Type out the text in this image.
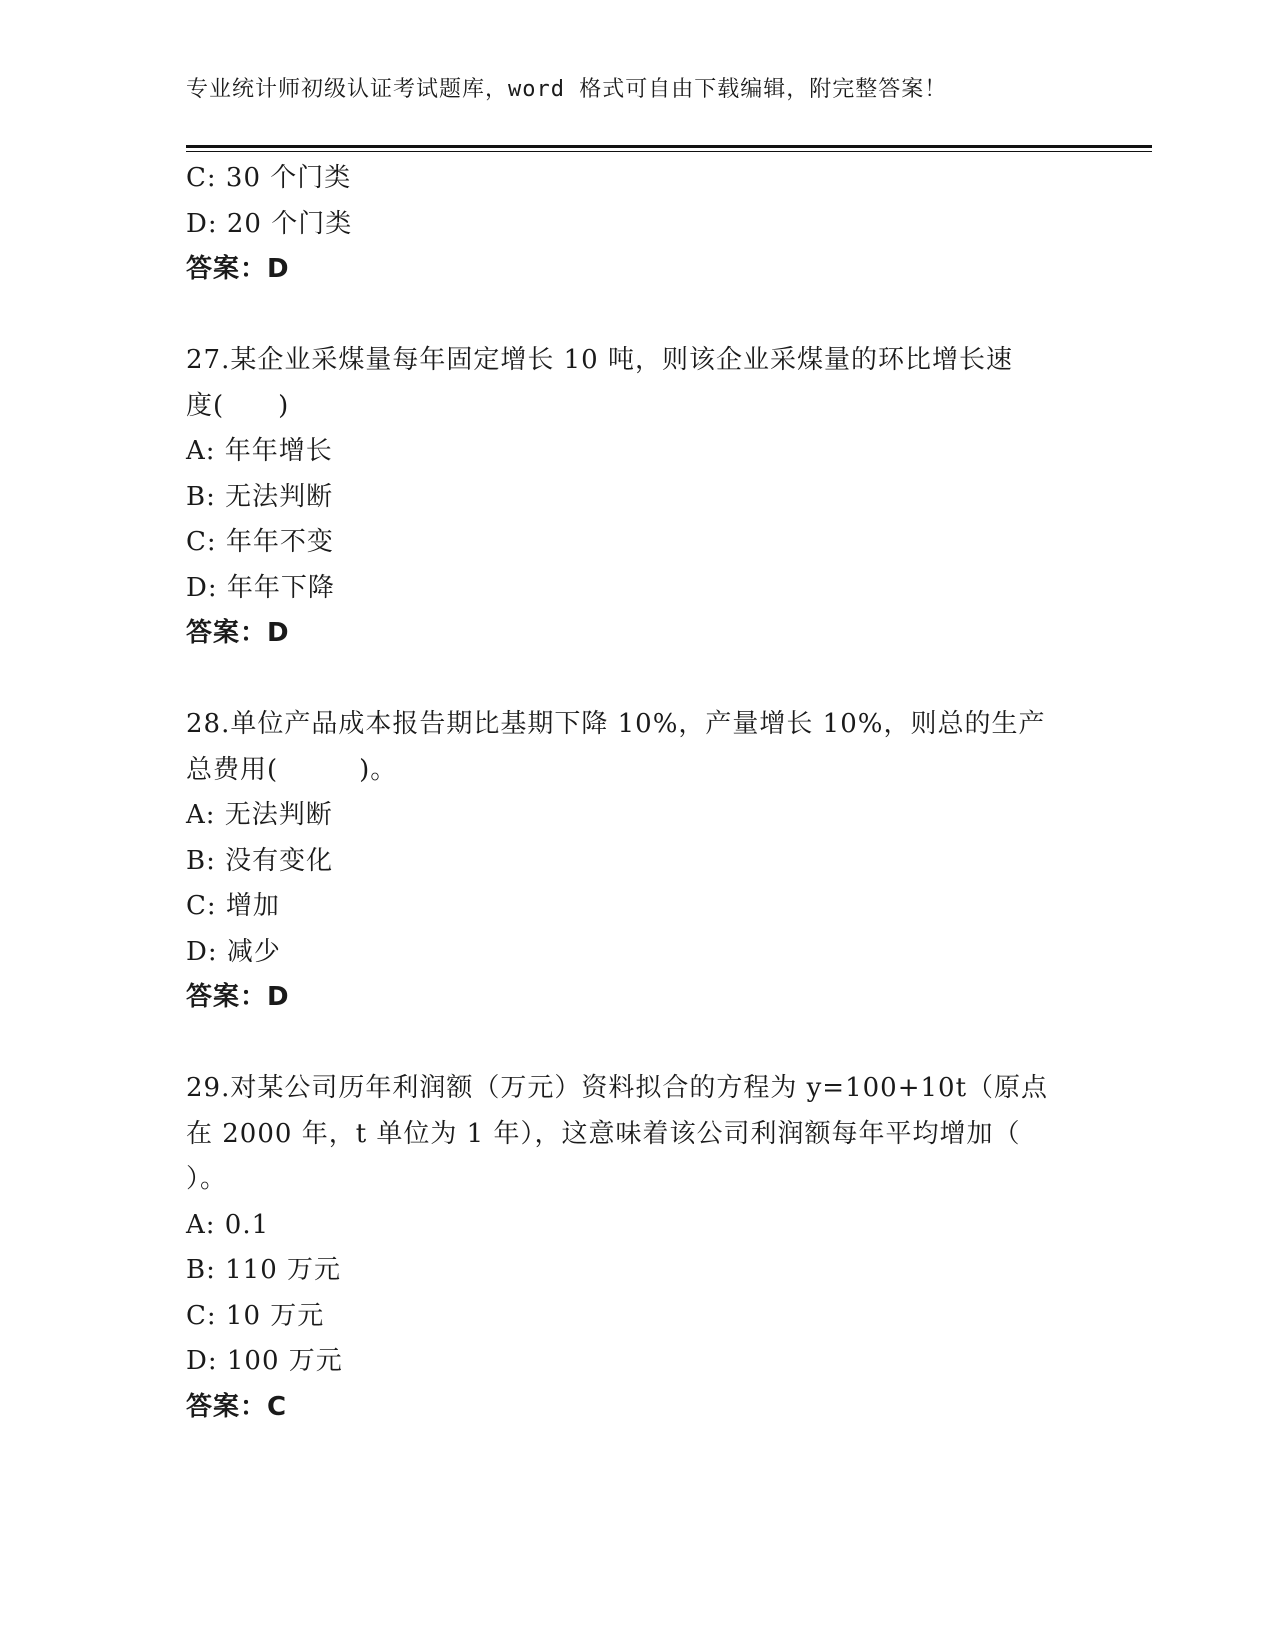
专业统计师初级认证考试题库，word 格式可自由下载编辑，附完整答案！
C: 30 个门类
D: 20 个门类
答案：D
27.某企业采煤量每年固定增长 10 吨，则该企业采煤量的环比增长速
度(　　)
A: 年年增长
B: 无法判断
C: 年年不变
D: 年年下降
答案：D
28.单位产品成本报告期比基期下降 10%，产量增长 10%，则总的生产
总费用(　　　)。
A: 无法判断
B: 没有变化
C: 增加
D: 减少
答案：D
29.对某公司历年利润额（万元）资料拟合的方程为 y=100+10t（原点
在 2000 年，t 单位为 1 年），这意味着该公司利润额每年平均增加（
）。
A: 0.1
B: 110 万元
C: 10 万元
D: 100 万元
答案：C
